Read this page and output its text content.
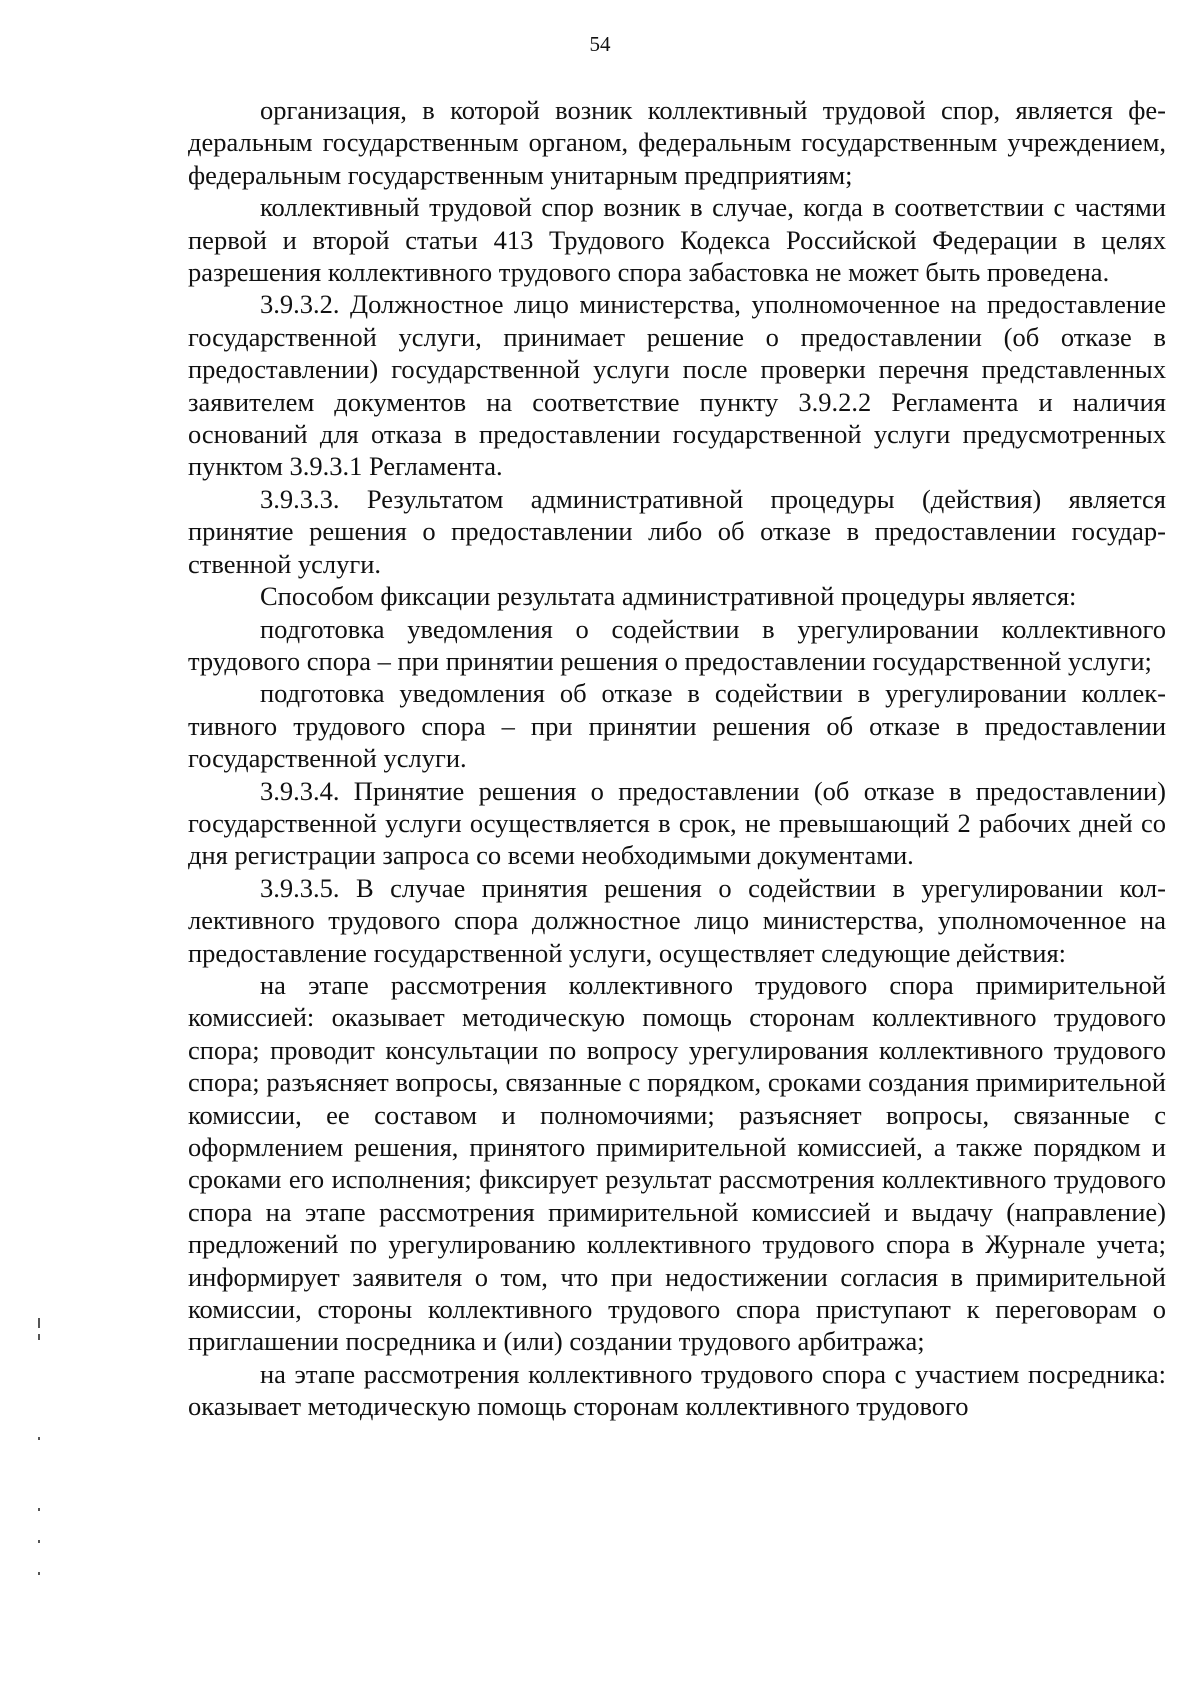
54

организация, в которой возник коллективный трудовой спор, является федеральным государственным органом, федеральным государственным учреждением, федеральным государственным унитарным предприятиям;

коллективный трудовой спор возник в случае, когда в соответствии с частями первой и второй статьи 413 Трудового Кодекса Российской Федерации в целях разрешения коллективного трудового спора забастовка не может быть проведена.

3.9.3.2. Должностное лицо министерства, уполномоченное на предоставление государственной услуги, принимает решение о предоставлении (об отказе в предоставлении) государственной услуги после проверки перечня представленных заявителем документов на соответствие пункту 3.9.2.2 Регламента и наличия оснований для отказа в предоставлении государственной услуги предусмотренных пунктом 3.9.3.1 Регламента.

3.9.3.3. Результатом административной процедуры (действия) является принятие решения о предоставлении либо об отказе в предоставлении государственной услуги.

Способом фиксации результата административной процедуры является:

подготовка уведомления о содействии в урегулировании коллективного трудового спора – при принятии решения о предоставлении государственной услуги;

подготовка уведомления об отказе в содействии в урегулировании коллективного трудового спора – при принятии решения об отказе в предоставлении государственной услуги.

3.9.3.4. Принятие решения о предоставлении (об отказе в предоставлении) государственной услуги осуществляется в срок, не превышающий 2 рабочих дней со дня регистрации запроса со всеми необходимыми документами.

3.9.3.5. В случае принятия решения о содействии в урегулировании коллективного трудового спора должностное лицо министерства, уполномоченное на предоставление государственной услуги, осуществляет следующие действия:

на этапе рассмотрения коллективного трудового спора примирительной комиссией: оказывает методическую помощь сторонам коллективного трудового спора; проводит консультации по вопросу урегулирования коллективного трудового спора; разъясняет вопросы, связанные с порядком, сроками создания примирительной комиссии, ее составом и полномочиями; разъясняет вопросы, связанные с оформлением решения, принятого примирительной комиссией, а также порядком и сроками его исполнения; фиксирует результат рассмотрения коллективного трудового спора на этапе рассмотрения примирительной комиссией и выдачу (направление) предложений по урегулированию коллективного трудового спора в Журнале учета; информирует заявителя о том, что при недостижении согласия в примирительной комиссии, стороны коллективного трудового спора приступают к переговорам о приглашении посредника и (или) создании трудового арбитража;

на этапе рассмотрения коллективного трудового спора с участием посредника: оказывает методическую помощь сторонам коллективного трудового
